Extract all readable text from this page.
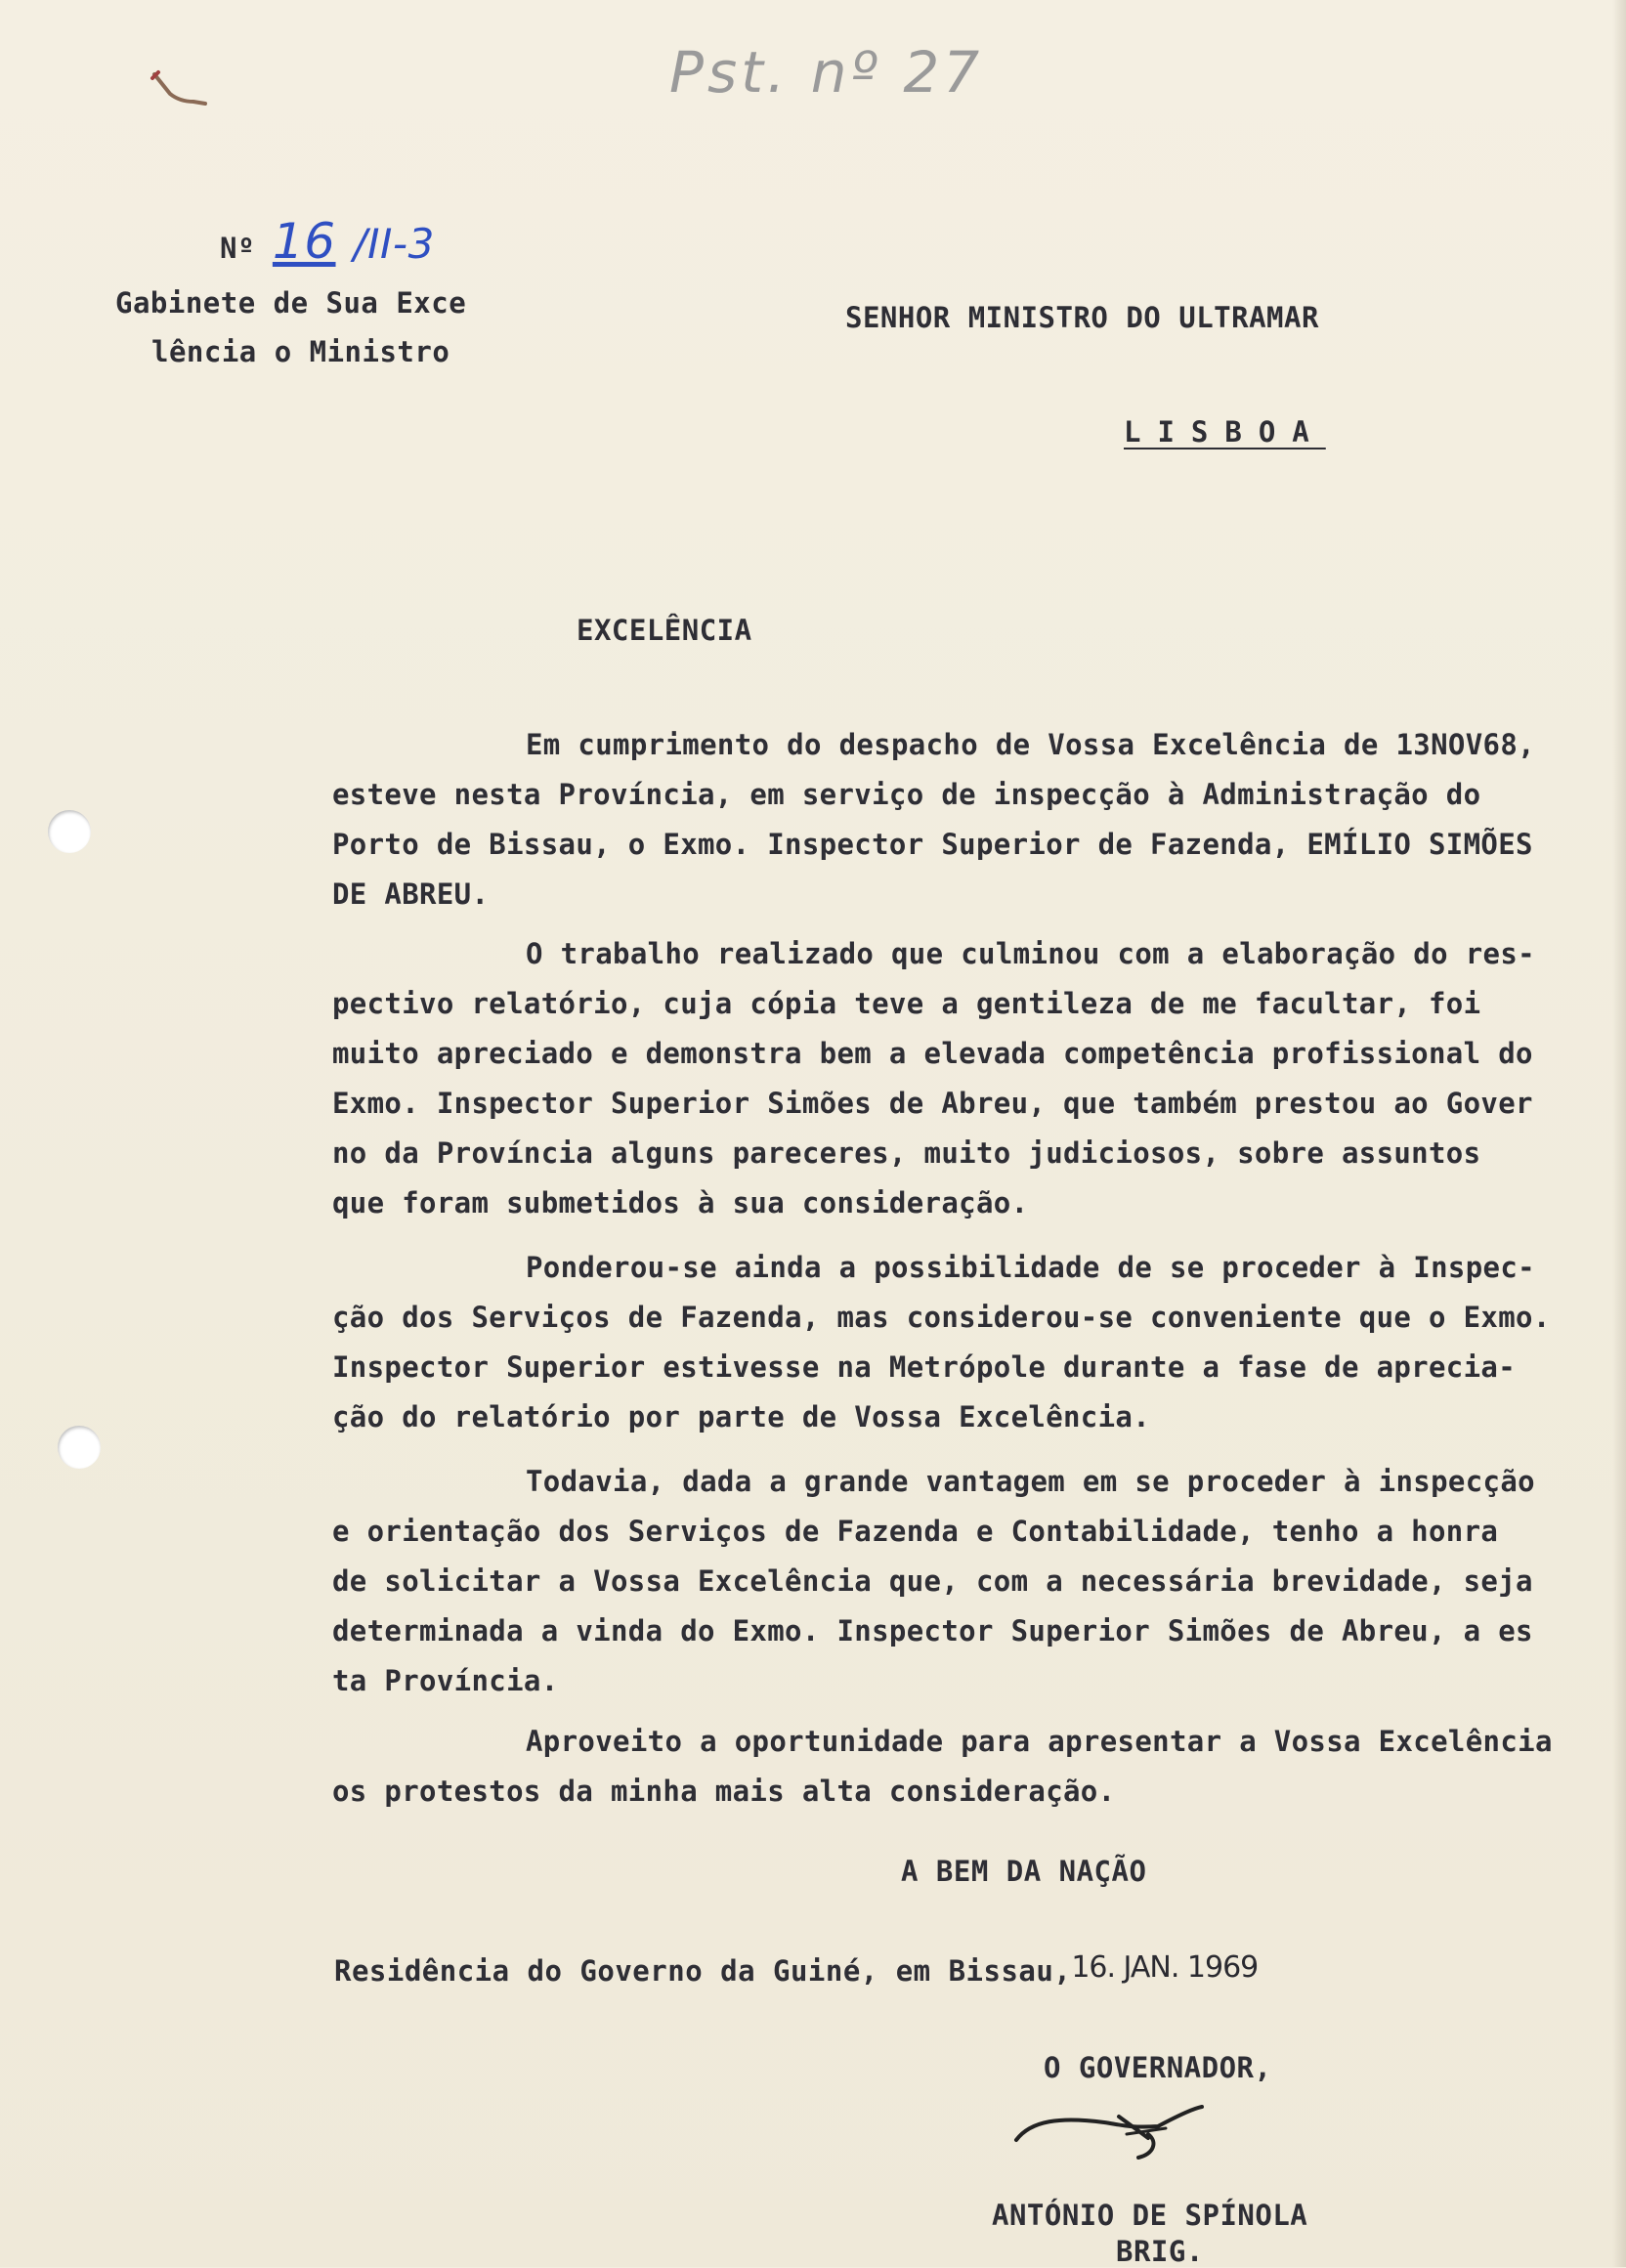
Pst. nº 27
Nº 16 /II-3
Gabinete de Sua Exce
lência o Ministro
SENHOR MINISTRO DO ULTRAMAR
LISBOA
EXCELÊNCIA

Em cumprimento do despacho de Vossa Excelência de 13NOV68,

esteve nesta Província, em serviço de inspecção à Administração do

Porto de Bissau, o Exmo. Inspector Superior de Fazenda, EMÍLIO SIMÕES

DE ABREU.

O trabalho realizado que culminou com a elaboração do res-

pectivo relatório, cuja cópia teve a gentileza de me facultar, foi

muito apreciado e demonstra bem a elevada competência profissional do

Exmo. Inspector Superior Simões de Abreu, que também prestou ao Gover

no da Província alguns pareceres, muito judiciosos, sobre assuntos

que foram submetidos à sua consideração.

Ponderou-se ainda a possibilidade de se proceder à Inspec-

ção dos Serviços de Fazenda, mas considerou-se conveniente que o Exmo.

Inspector Superior estivesse na Metrópole durante a fase de aprecia-

ção do relatório por parte de Vossa Excelência.

Todavia, dada a grande vantagem em se proceder à inspecção

e orientação dos Serviços de Fazenda e Contabilidade, tenho a honra

de solicitar a Vossa Excelência que, com a necessária brevidade, seja

determinada a vinda do Exmo. Inspector Superior Simões de Abreu, a es

ta Província.

Aproveito a oportunidade para apresentar a Vossa Excelência

os protestos da minha mais alta consideração.

A BEM DA NAÇÃO
Residência do Governo da Guiné, em Bissau,16. JAN. 1969
O GOVERNADOR,
ANTÓNIO DE SPÍNOLA
BRIG.
